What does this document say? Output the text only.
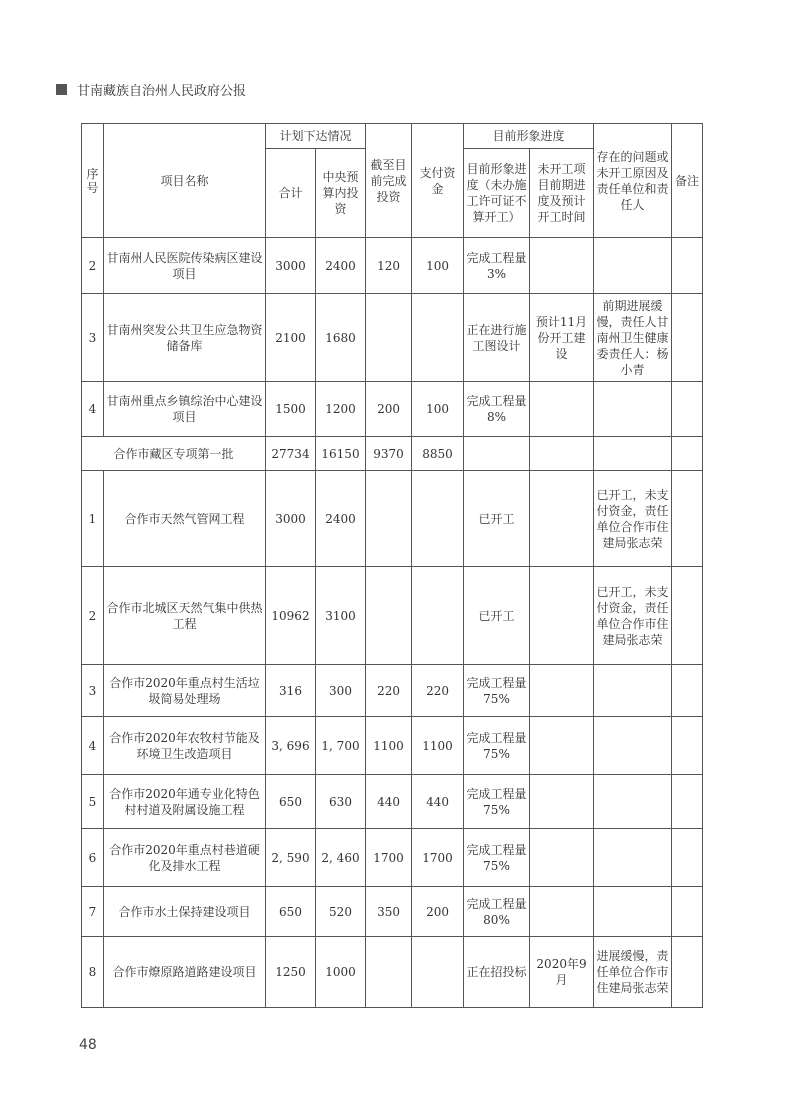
甘南藏族自治州人民政府公报
序号	项目名称	计划下达情况		截至目前完成投资	支付资金	目前形象进度		存在的问题或未开工原因及责任单位和责任人	备注
		合计	中央预算内投资			目前形象进度（未办施工许可证不算开工）	未开工项目前期进度及预计开工时间		
2	甘南州人民医院传染病区建设项目	3000	2400	120	100	完成工程量3%			
3	甘南州突发公共卫生应急物资储备库	2100	1680			正在进行施工图设计	预计11月份开工建设	前期进展缓慢，责任人甘南州卫生健康委责任人：杨小青	
4	甘南州重点乡镇综治中心建设项目	1500	1200	200	100	完成工程量8%			
合作市藏区专项第一批		27734	16150	9370	8850				
1	合作市天然气管网工程	3000	2400			已开工		已开工，未支付资金，责任单位合作市住建局张志荣	
2	合作市北城区天然气集中供热工程	10962	3100			已开工		已开工，未支付资金，责任单位合作市住建局张志荣	
3	合作市2020年重点村生活垃圾简易处理场	316	300	220	220	完成工程量75%			
4	合作市2020年农牧村节能及环境卫生改造项目	3, 696	1, 700	1100	1100	完成工程量75%			
5	合作市2020年通专业化特色村村道及附属设施工程	650	630	440	440	完成工程量75%			
6	合作市2020年重点村巷道硬化及排水工程	2, 590	2, 460	1700	1700	完成工程量75%			
7	合作市水土保持建设项目	650	520	350	200	完成工程量80%			
8	合作市燎原路道路建设项目	1250	1000			正在招投标	2020年9月	进展缓慢，责任单位合作市住建局张志荣	
48
